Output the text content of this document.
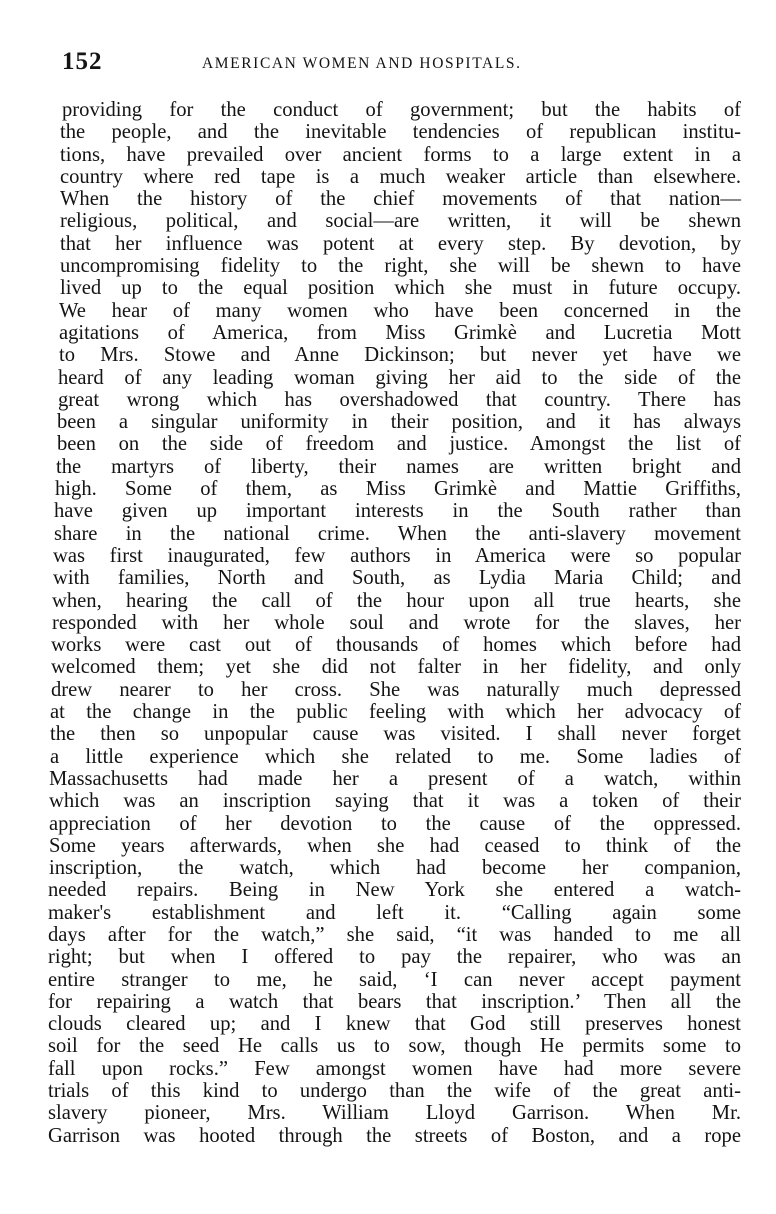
152	AMERICAN WOMEN AND HOSPITALS.
providing for the conduct of government; but the habits of
the people, and the inevitable tendencies of republican institu-
tions, have prevailed over ancient forms to a large extent in a
country where red tape is a much weaker article than elsewhere.
When the history of the chief movements of that nation—
religious, political, and social—are written, it will be shewn
that her influence was potent at every step. By devotion, by
uncompromising fidelity to the right, she will be shewn to have
lived up to the equal position which she must in future occupy.
We hear of many women who have been concerned in the
agitations of America, from Miss Grimkè and Lucretia Mott
to Mrs. Stowe and Anne Dickinson; but never yet have we
heard of any leading woman giving her aid to the side of the
great wrong which has overshadowed that country. There has
been a singular uniformity in their position, and it has always
been on the side of freedom and justice. Amongst the list of
the martyrs of liberty, their names are written bright and
high. Some of them, as Miss Grimkè and Mattie Griffiths,
have given up important interests in the South rather than
share in the national crime. When the anti-slavery movement
was first inaugurated, few authors in America were so popular
with families, North and South, as Lydia Maria Child; and
when, hearing the call of the hour upon all true hearts, she
responded with her whole soul and wrote for the slaves, her
works were cast out of thousands of homes which before had
welcomed them; yet she did not falter in her fidelity, and only
drew nearer to her cross. She was naturally much depressed
at the change in the public feeling with which her advocacy of
the then so unpopular cause was visited. I shall never forget
a little experience which she related to me. Some ladies of
Massachusetts had made her a present of a watch, within
which was an inscription saying that it was a token of their
appreciation of her devotion to the cause of the oppressed.
Some years afterwards, when she had ceased to think of the
inscription, the watch, which had become her companion,
needed repairs. Being in New York she entered a watch-
maker's establishment and left it. “Calling again some
days after for the watch,” she said, “it was handed to me all
right; but when I offered to pay the repairer, who was an
entire stranger to me, he said, ‘I can never accept payment
for repairing a watch that bears that inscription.’ Then all the
clouds cleared up; and I knew that God still preserves honest
soil for the seed He calls us to sow, though He permits some to
fall upon rocks.” Few amongst women have had more severe
trials of this kind to undergo than the wife of the great anti-
slavery pioneer, Mrs. William Lloyd Garrison. When Mr.
Garrison was hooted through the streets of Boston, and a rope
